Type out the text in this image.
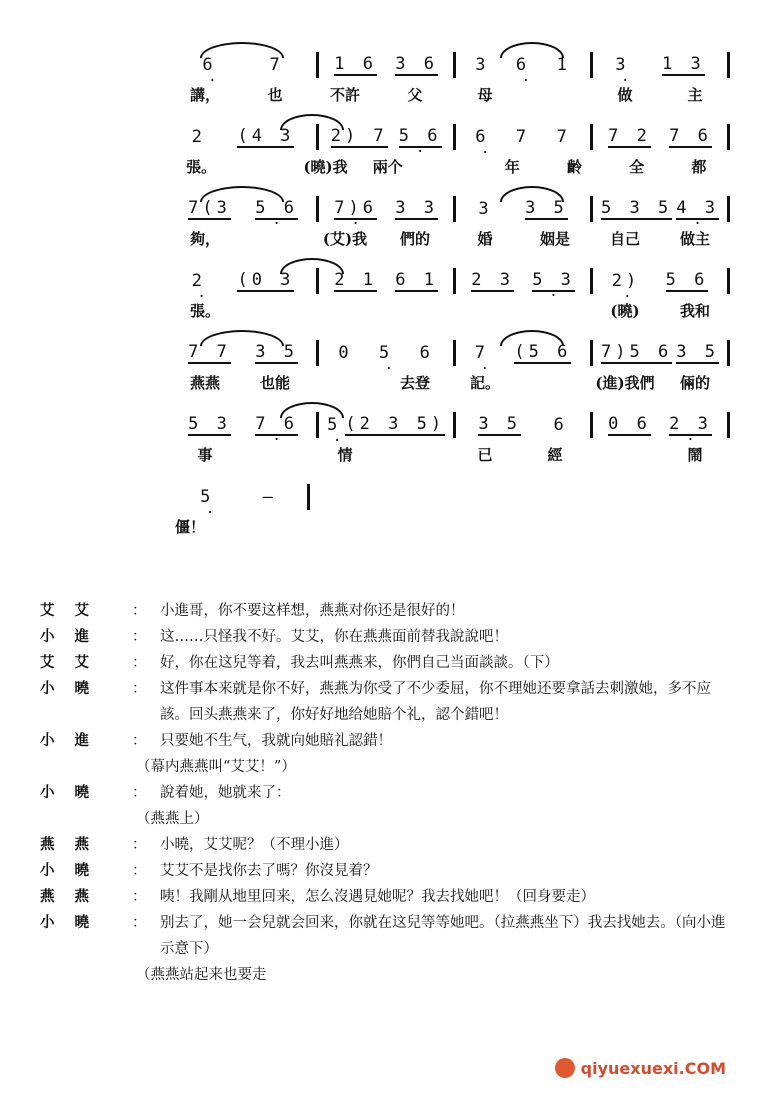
6 ·	7	1 6 3 6 3 6 · 1	3 · 1 3
講，	也	不許	父	母	做	主
2 (4 3 2) 7 5 6 · 6 · 7 7 7 2 7 6
張。	(曉)我	兩个	年	齡	全	都
7(3 5 6 · 7)6 · 3 3 3 3 5 5 3 5 4 3 ·
夠，	(艾)我	們的	婚	姻是	自己	做主
2 · (0 3 2 1 6 1 2 3 5 3 · 2) · 5 6
張。	(曉)	我和
7 7 3 5 0 5 · 6 7 · (5 6 7)5 6 3 5
燕燕	也能	去登	記。	(進)我們	倆的
5 3 7 6 · 5 · (2 3 5) 3 5 6 0 6 2 3 ·
事	情	已	經	鬧
5 ·	—
僵！
艾艾	： 小進哥，你不要这样想，燕燕对你还是很好的！
小進	： 这……只怪我不好。艾艾，你在燕燕面前替我說說吧！
艾艾	： 好，你在这兒等着，我去叫燕燕来，你們自己当面談談。（下）
小曉	： 这件事本来就是你不好，燕燕为你受了不少委屈，你不理她还要拿話去刺激她，多不应該。回头燕燕来了，你好好地给她賠个礼，認个錯吧！
小進	： 只要她不生气，我就向她賠礼認錯！
（幕内燕燕叫“艾艾！”）
小曉	： 說着她，她就来了：
（燕燕上）
燕燕	： 小曉，艾艾呢？（不理小進）
小曉	： 艾艾不是找你去了嗎？你沒見着？
燕燕	： 咦！我剛从地里回来，怎么沒遇見她呢？我去找她吧！（回身要走）
小曉	： 别去了，她一会兒就会回来，你就在这兒等等她吧。（拉燕燕坐下）我去找她去。（向小進示意下）
（燕燕站起来也要走
qiyuexuexi.COM
